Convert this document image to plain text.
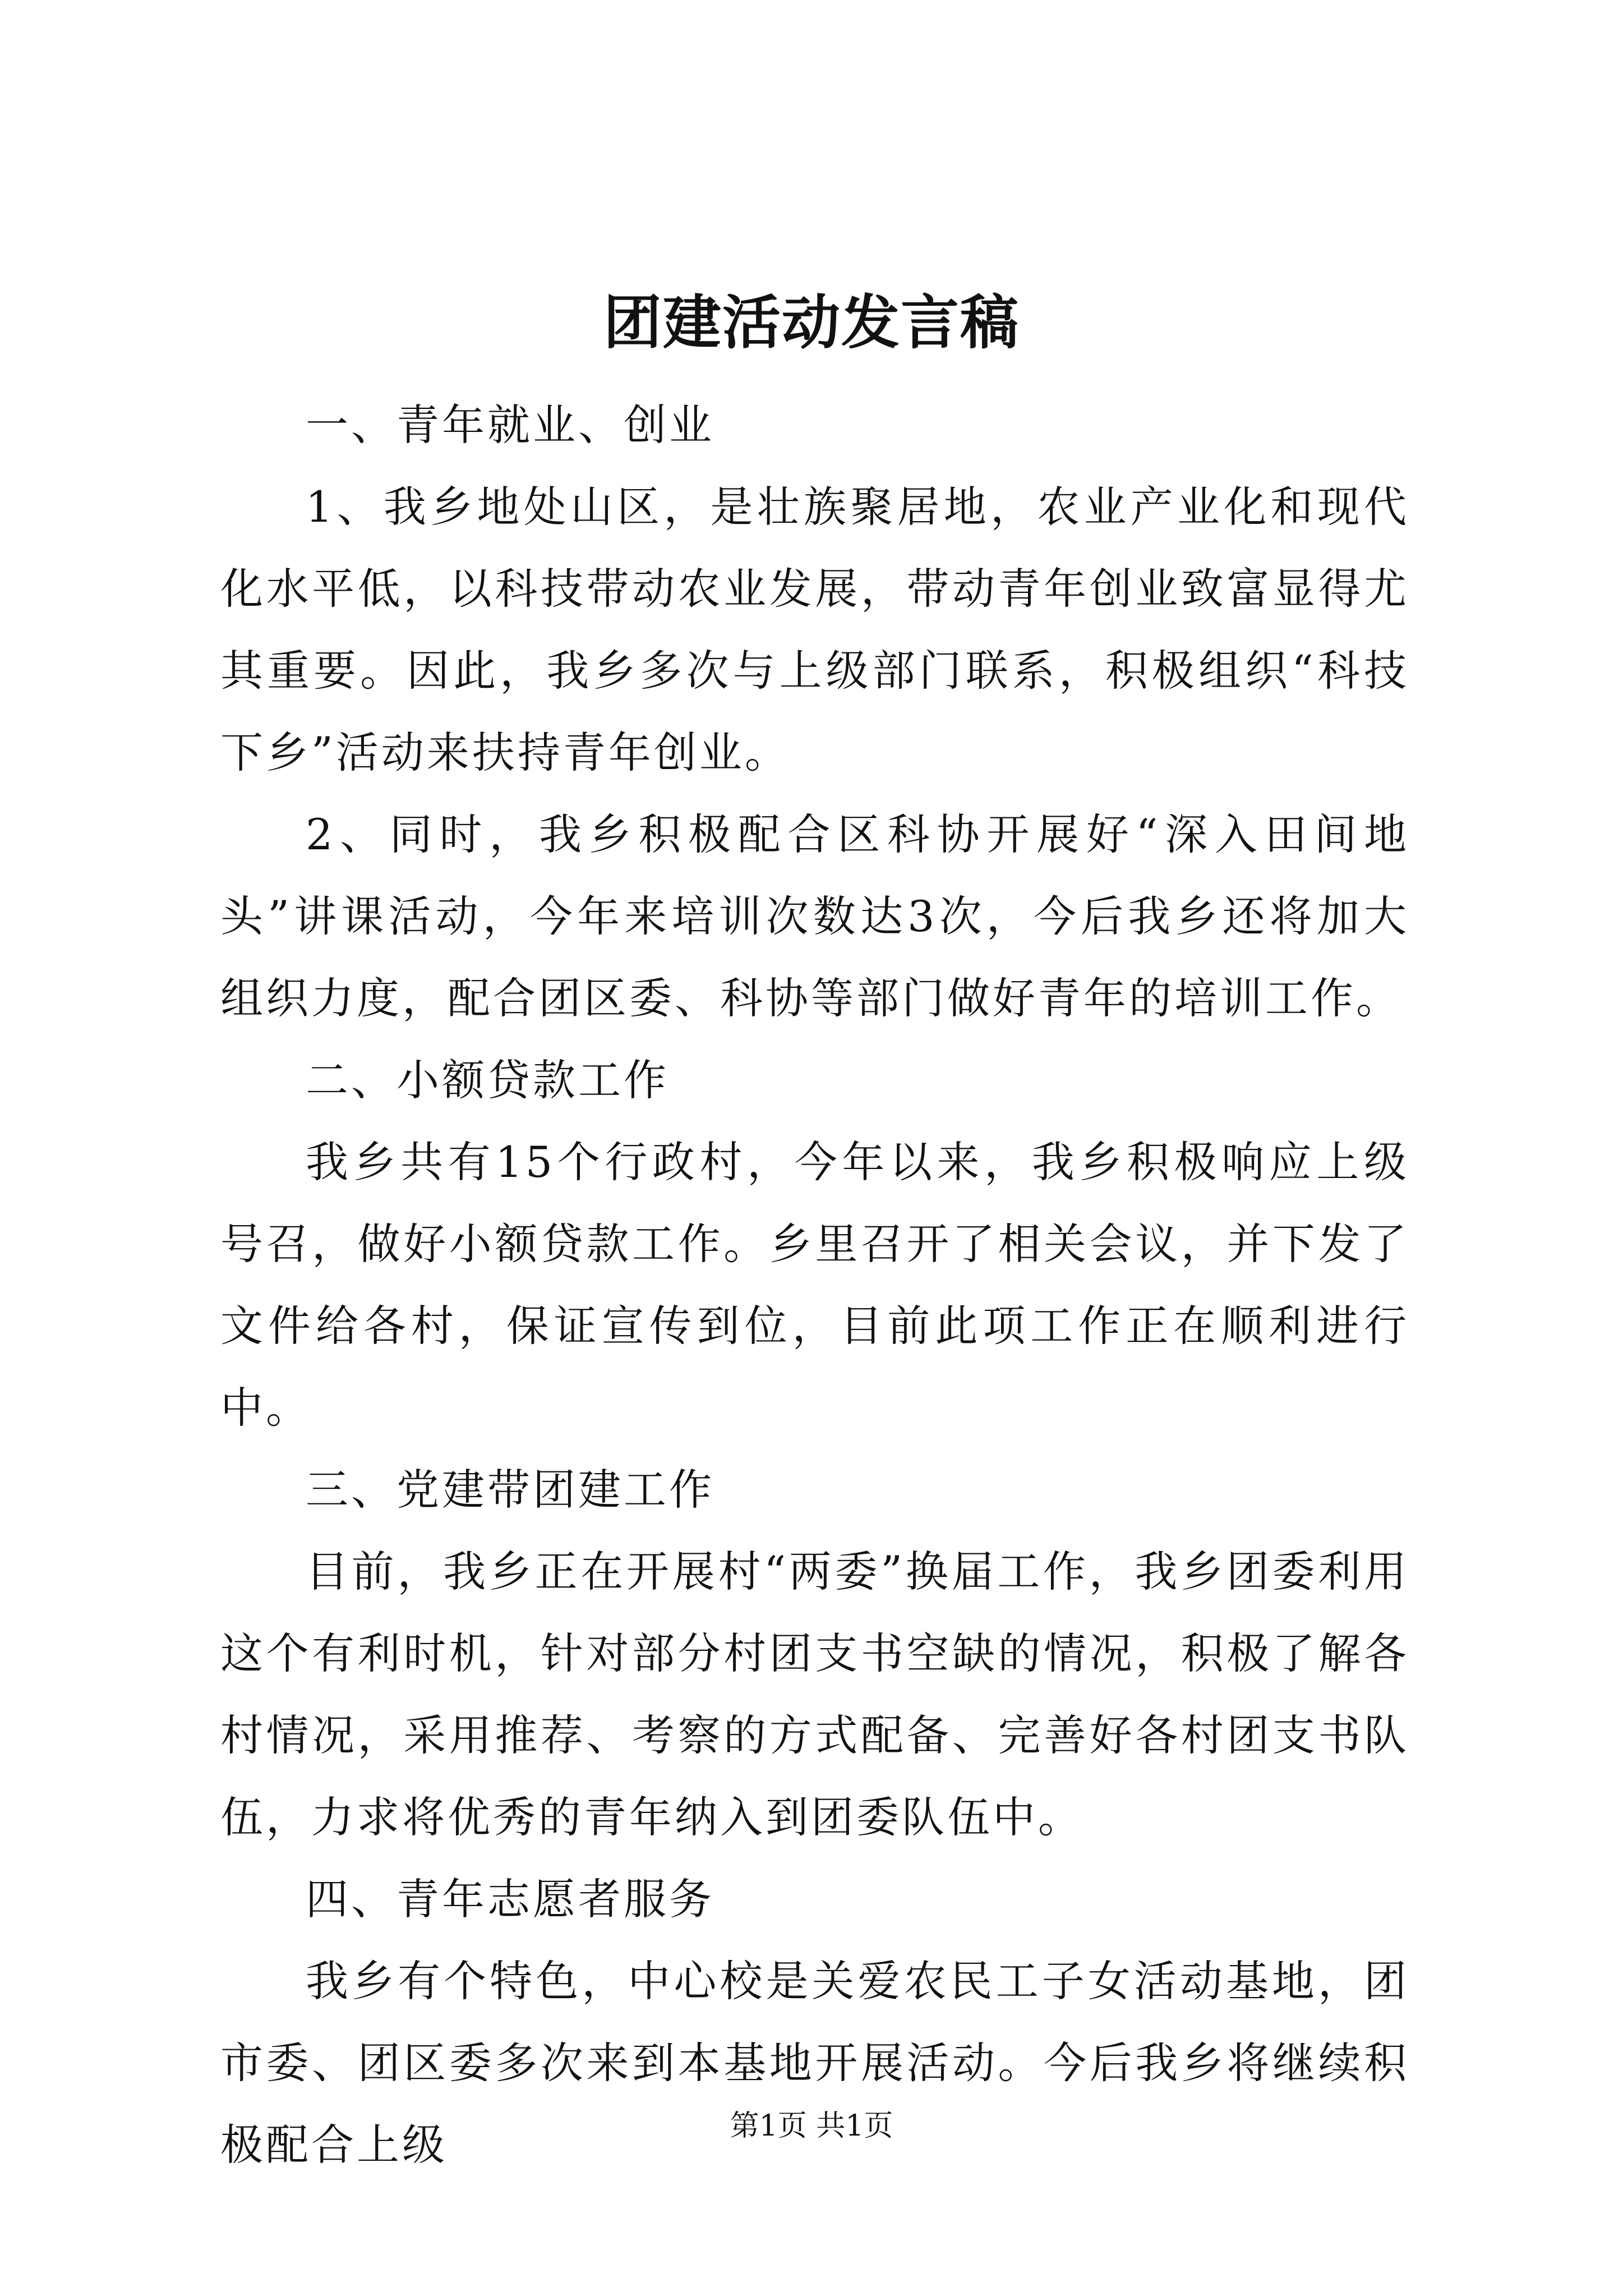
团建活动发言稿

一、青年就业、创业

1、我乡地处山区，是壮族聚居地，农业产业化和现代化水平低，以科技带动农业发展，带动青年创业致富显得尤其重要。因此，我乡多次与上级部门联系，积极组织“科技下乡”活动来扶持青年创业。

2、同时，我乡积极配合区科协开展好“深入田间地头”讲课活动，今年来培训次数达3次，今后我乡还将加大组织力度，配合团区委、科协等部门做好青年的培训工作。

二、小额贷款工作

我乡共有15个行政村，今年以来，我乡积极响应上级号召，做好小额贷款工作。乡里召开了相关会议，并下发了文件给各村，保证宣传到位，目前此项工作正在顺利进行中。

三、党建带团建工作

目前，我乡正在开展村“两委”换届工作，我乡团委利用这个有利时机，针对部分村团支书空缺的情况，积极了解各村情况，采用推荐、考察的方式配备、完善好各村团支书队伍，力求将优秀的青年纳入到团委队伍中。

四、青年志愿者服务

我乡有个特色，中心校是关爱农民工子女活动基地，团市委、团区委多次来到本基地开展活动。今后我乡将继续积极配合上级	第1页 共1页
